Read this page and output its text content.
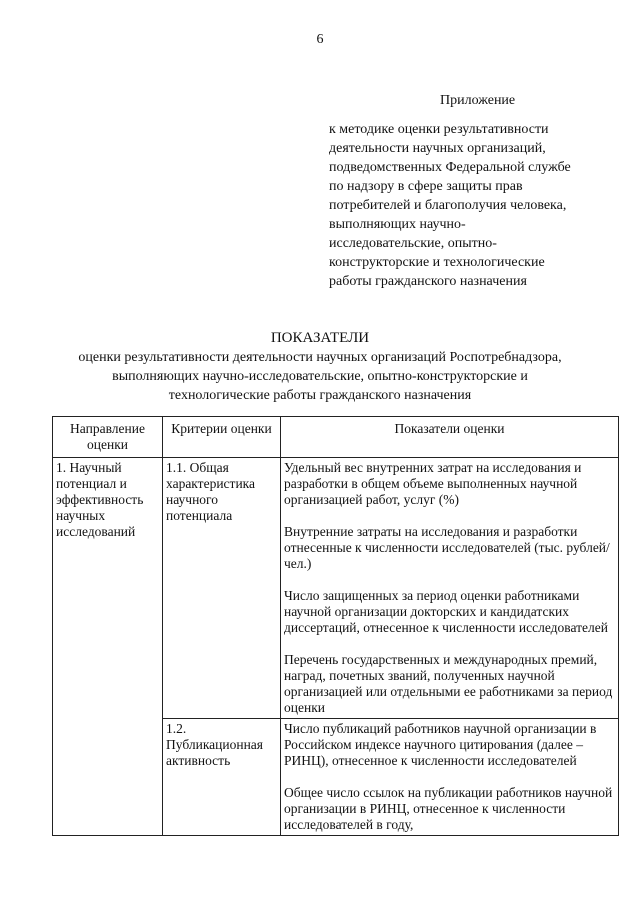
6
Приложение
к методике оценки результативности
деятельности научных организаций,
подведомственных Федеральной службе
по надзору в сфере защиты прав
потребителей и благополучия человека,
выполняющих научно-
исследовательские, опытно-
конструкторские и технологические
работы гражданского назначения
ПОКАЗАТЕЛИ
оценки результативности деятельности научных организаций Роспотребнадзора,
выполняющих научно-исследовательские, опытно-конструкторские и
технологические работы гражданского назначения
Направление оценки	Критерии оценки	Показатели оценки
1. Научный потенциал и эффективность научных исследований	1.1. Общая характеристика научного потенциала	Удельный вес внутренних затрат на исследования и разработки в общем объеме выполненных научной организацией работ, услуг (%)

Внутренние затраты на исследования и разработки отнесенные к численности исследователей (тыс. рублей/чел.)

Число защищенных за период оценки работниками научной организации докторских и кандидатских диссертаций, отнесенное к численности исследователей

Перечень государственных и международных премий, наград, почетных званий, полученных научной организацией или отдельными ее работниками за период оценки

	1.2. Публикационная активность	Число публикаций работников научной организации в Российском индексе научного цитирования (далее – РИНЦ), отнесенное к численности исследователей

Общее число ссылок на публикации работников научной организации в РИНЦ, отнесенное к численности исследователей в году,
